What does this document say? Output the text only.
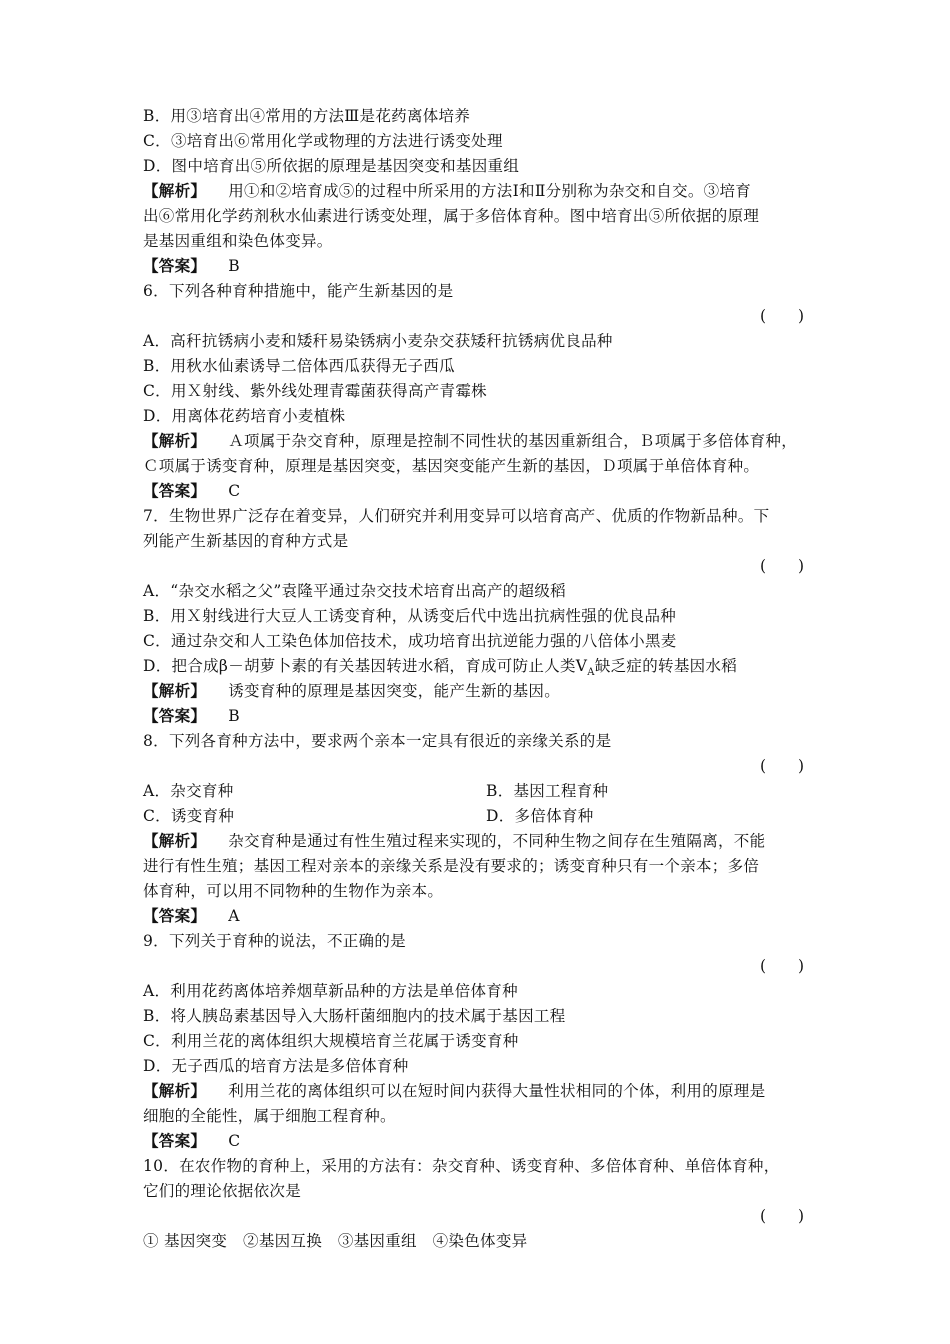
B．用③培育出④常用的方法Ⅲ是花药离体培养
C．③培育出⑥常用化学或物理的方法进行诱变处理
D．图中培育出⑤所依据的原理是基因突变和基因重组
【解析】 用①和②培育成⑤的过程中所采用的方法Ⅰ和Ⅱ分别称为杂交和自交。③培育
出⑥常用化学药剂秋水仙素进行诱变处理，属于多倍体育种。图中培育出⑤所依据的原理
是基因重组和染色体变异。
【答案】 B
6．下列各种育种措施中，能产生新基因的是
(　　)
A．高秆抗锈病小麦和矮秆易染锈病小麦杂交获矮秆抗锈病优良品种
B．用秋水仙素诱导二倍体西瓜获得无子西瓜
C．用Ｘ射线、紫外线处理青霉菌获得高产青霉株
D．用离体花药培育小麦植株
【解析】 Ａ项属于杂交育种，原理是控制不同性状的基因重新组合，Ｂ项属于多倍体育种，
Ｃ项属于诱变育种，原理是基因突变，基因突变能产生新的基因，Ｄ项属于单倍体育种。
【答案】 C
7．生物世界广泛存在着变异，人们研究并利用变异可以培育高产、优质的作物新品种。下
列能产生新基因的育种方式是
(　　)
A．“杂交水稻之父”袁隆平通过杂交技术培育出高产的超级稻
B．用Ｘ射线进行大豆人工诱变育种，从诱变后代中选出抗病性强的优良品种
C．通过杂交和人工染色体加倍技术，成功培育出抗逆能力强的八倍体小黑麦
D．把合成β－胡萝卜素的有关基因转进水稻，育成可防止人类$V_A$缺乏症的转基因水稻
【解析】 诱变育种的原理是基因突变，能产生新的基因。
【答案】 B
8．下列各育种方法中，要求两个亲本一定具有很近的亲缘关系的是
(　　)
A．杂交育种	B．基因工程育种
C．诱变育种	D．多倍体育种
【解析】 杂交育种是通过有性生殖过程来实现的，不同种生物之间存在生殖隔离，不能
进行有性生殖；基因工程对亲本的亲缘关系是没有要求的；诱变育种只有一个亲本；多倍
体育种，可以用不同物种的生物作为亲本。
【答案】 A
9．下列关于育种的说法，不正确的是
(　　)
A．利用花药离体培养烟草新品种的方法是单倍体育种
B．将人胰岛素基因导入大肠杆菌细胞内的技术属于基因工程
C．利用兰花的离体组织大规模培育兰花属于诱变育种
D．无子西瓜的培育方法是多倍体育种
【解析】 利用兰花的离体组织可以在短时间内获得大量性状相同的个体，利用的原理是
细胞的全能性，属于细胞工程育种。
【答案】 C
10．在农作物的育种上，采用的方法有：杂交育种、诱变育种、多倍体育种、单倍体育种，
它们的理论依据依次是
(　　)
① 基因突变　②基因互换　③基因重组　④染色体变异
